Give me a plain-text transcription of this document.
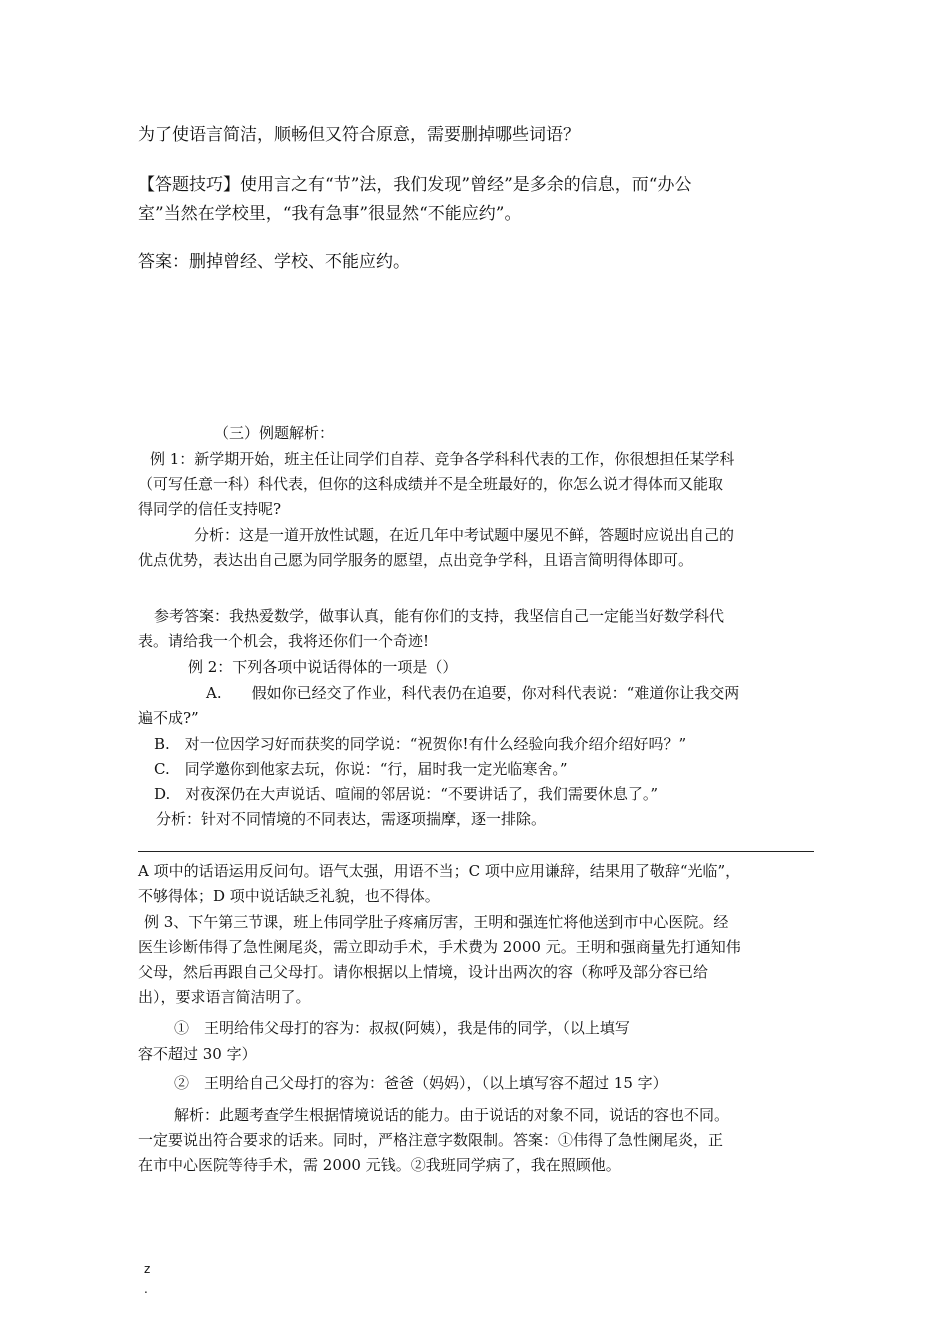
为了使语言简洁，顺畅但又符合原意，需要删掉哪些词语？
【答题技巧】使用言之有“节”法，我们发现”曾经”是多余的信息，而“办公
室”当然在学校里，“我有急事”很显然“不能应约”。
答案：删掉曾经、学校、不能应约。
（三）例题解析：
例 1：新学期开始，班主任让同学们自荐、竞争各学科科代表的工作，你很想担任某学科
（可写任意一科）科代表，但你的这科成绩并不是全班最好的，你怎么说才得体而又能取
得同学的信任支持呢?
分析：这是一道开放性试题，在近几年中考试题中屡见不鲜，答题时应说出自己的
优点优势，表达出自己愿为同学服务的愿望，点出竞争学科，且语言简明得体即可。
参考答案：我热爱数学，做事认真，能有你们的支持，我坚信自己一定能当好数学科代
表。请给我一个机会，我将还你们一个奇迹!
例 2：下列各项中说话得体的一项是（）
A.　　假如你已经交了作业，科代表仍在追要，你对科代表说：“难道你让我交两
遍不成?”
B.　对一位因学习好而获奖的同学说：“祝贺你!有什么经验向我介绍介绍好吗？”
C.　同学邀你到他家去玩，你说：“行，届时我一定光临寒舍。”
D.　对夜深仍在大声说话、喧闹的邻居说：“不要讲话了，我们需要休息了。”
分析：针对不同情境的不同表达，需逐项揣摩，逐一排除。
A 项中的话语运用反问句。语气太强，用语不当；C 项中应用谦辞，结果用了敬辞“光临”，
不够得体；D 项中说话缺乏礼貌，也不得体。
例 3、下午第三节课，班上伟同学肚子疼痛厉害，王明和强连忙将他送到市中心医院。经
医生诊断伟得了急性阑尾炎，需立即动手术，手术费为 2000 元。王明和强商量先打通知伟
父母，然后再跟自己父母打。请你根据以上情境，设计出两次的容（称呼及部分容已给
出），要求语言简洁明了。
①　王明给伟父母打的容为：叔叔(阿姨），我是伟的同学，（以上填写
容不超过 30 字）
②　王明给自己父母打的容为：爸爸（妈妈），（以上填写容不超过 15 字）
解析：此题考查学生根据情境说话的能力。由于说话的对象不同，说话的容也不同。
一定要说出符合要求的话来。同时，严格注意字数限制。答案：①伟得了急性阑尾炎，正
在市中心医院等待手术，需 2000 元钱。②我班同学病了，我在照顾他。
z
.
